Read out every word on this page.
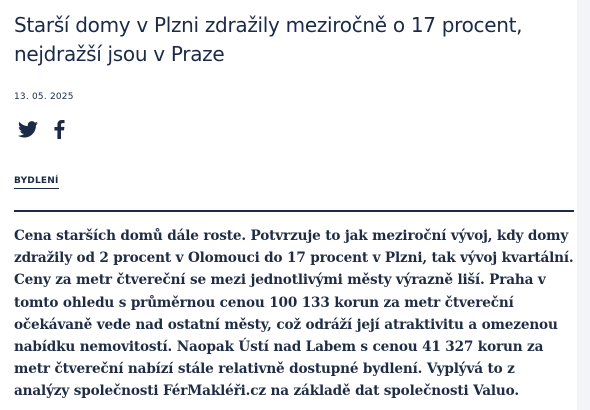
Starší domy v Plzni zdražily meziročně o 17 procent, nejdražší jsou v Praze
13. 05. 2025
BYDLENÍ

Cena starších domů dále roste. Potvrzuje to jak meziroční vývoj, kdy domy zdražily od 2 procent v Olomouci do 17 procent v Plzni, tak vývoj kvartální. Ceny za metr čtvereční se mezi jednotlivými městy výrazně liší. Praha v tomto ohledu s průměrnou cenou 100 133 korun za metr čtvereční očekávaně vede nad ostatní městy, což odráží její atraktivitu a omezenou nabídku nemovitostí. Naopak Ústí nad Labem s cenou 41 327 korun za metr čtvereční nabízí stále relativně dostupné bydlení. Vyplývá to z analýzy společnosti FérMakléři.cz na základě dat společnosti Valuo.
